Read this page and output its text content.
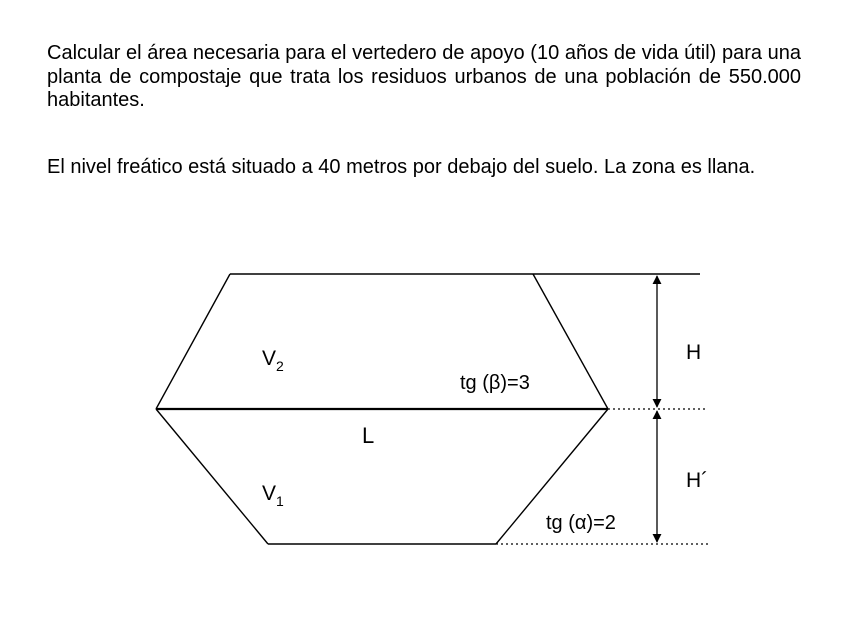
Calcular el área necesaria para el vertedero de apoyo (10 años de vida útil) para una planta de compostaje que trata los residuos urbanos de una población de 550.000 habitantes.

El nivel freático está situado a 40 metros por debajo del suelo. La zona es llana.

$V_2$
$V_1$
tg (β)=3
tg (α)=2
L
H
H´
